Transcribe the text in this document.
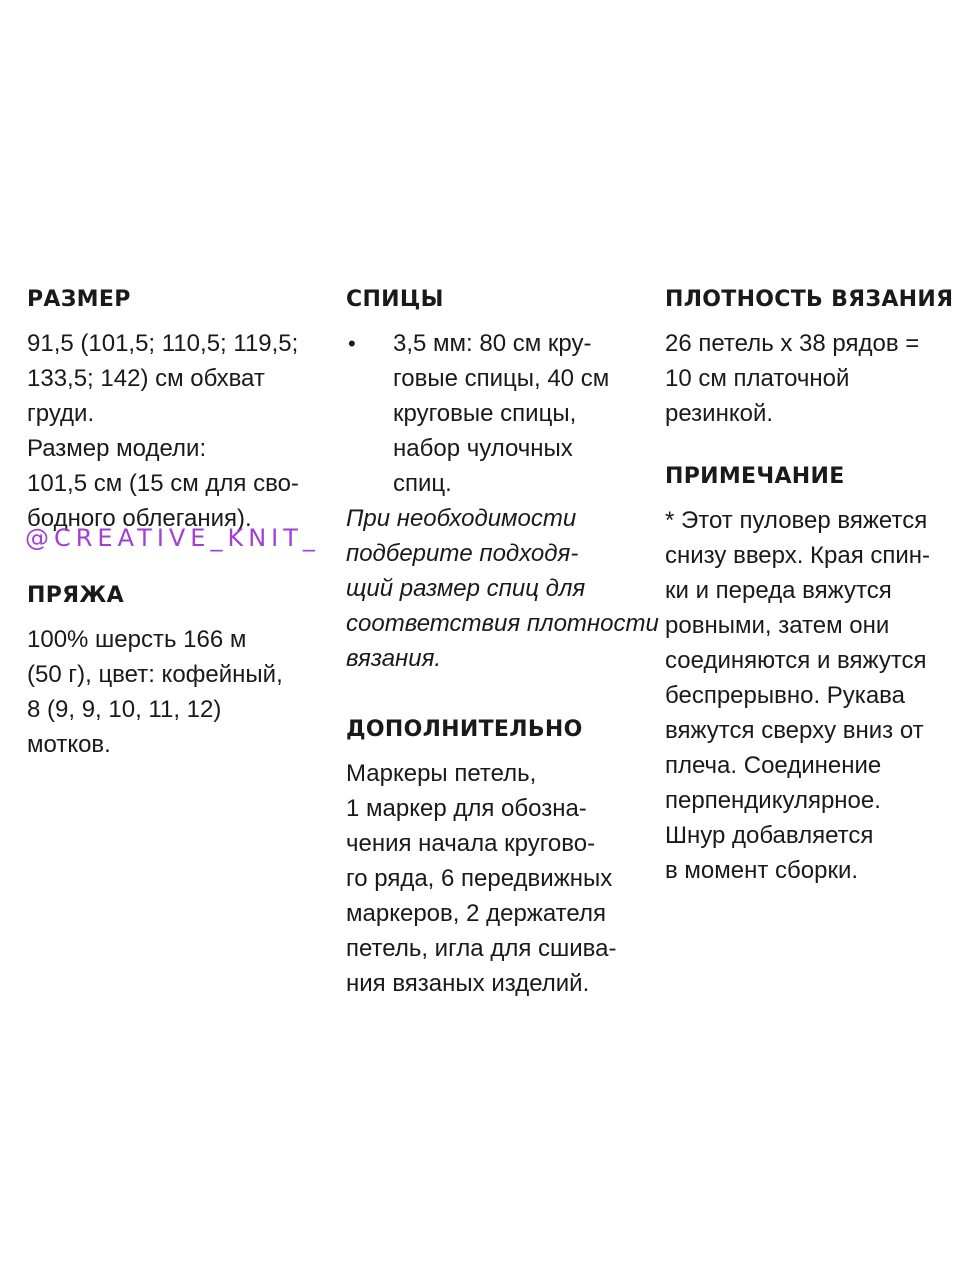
РАЗМЕР
91,5 (101,5; 110,5; 119,5;
133,5; 142) см обхват
груди.
Размер модели:
101,5 см (15 см для сво-
бодного облегания).
ПРЯЖА
100% шерсть 166 м
(50 г), цвет: кофейный,
8 (9, 9, 10, 11, 12)
мотков.
@CREATIVE_KNIT_
СПИЦЫ
• 3,5 мм: 80 см кру-
говые спицы, 40 см
круговые спицы,
набор чулочных
спиц.
При необходимости
подберите подходя-
щий размер спиц для
соответствия плотности
вязания.
ДОПОЛНИТЕЛЬНО
Маркеры петель,
1 маркер для обозна-
чения начала кругово-
го ряда, 6 передвижных
маркеров, 2 держателя
петель, игла для сшива-
ния вязаных изделий.
ПЛОТНОСТЬ ВЯЗАНИЯ
26 петель х 38 рядов =
10 см платочной
резинкой.
ПРИМЕЧАНИЕ
* Этот пуловер вяжется
снизу вверх. Края спин-
ки и переда вяжутся
ровными, затем они
соединяются и вяжутся
беспрерывно. Рукава
вяжутся сверху вниз от
плеча. Соединение
перпендикулярное.
Шнур добавляется
в момент сборки.
